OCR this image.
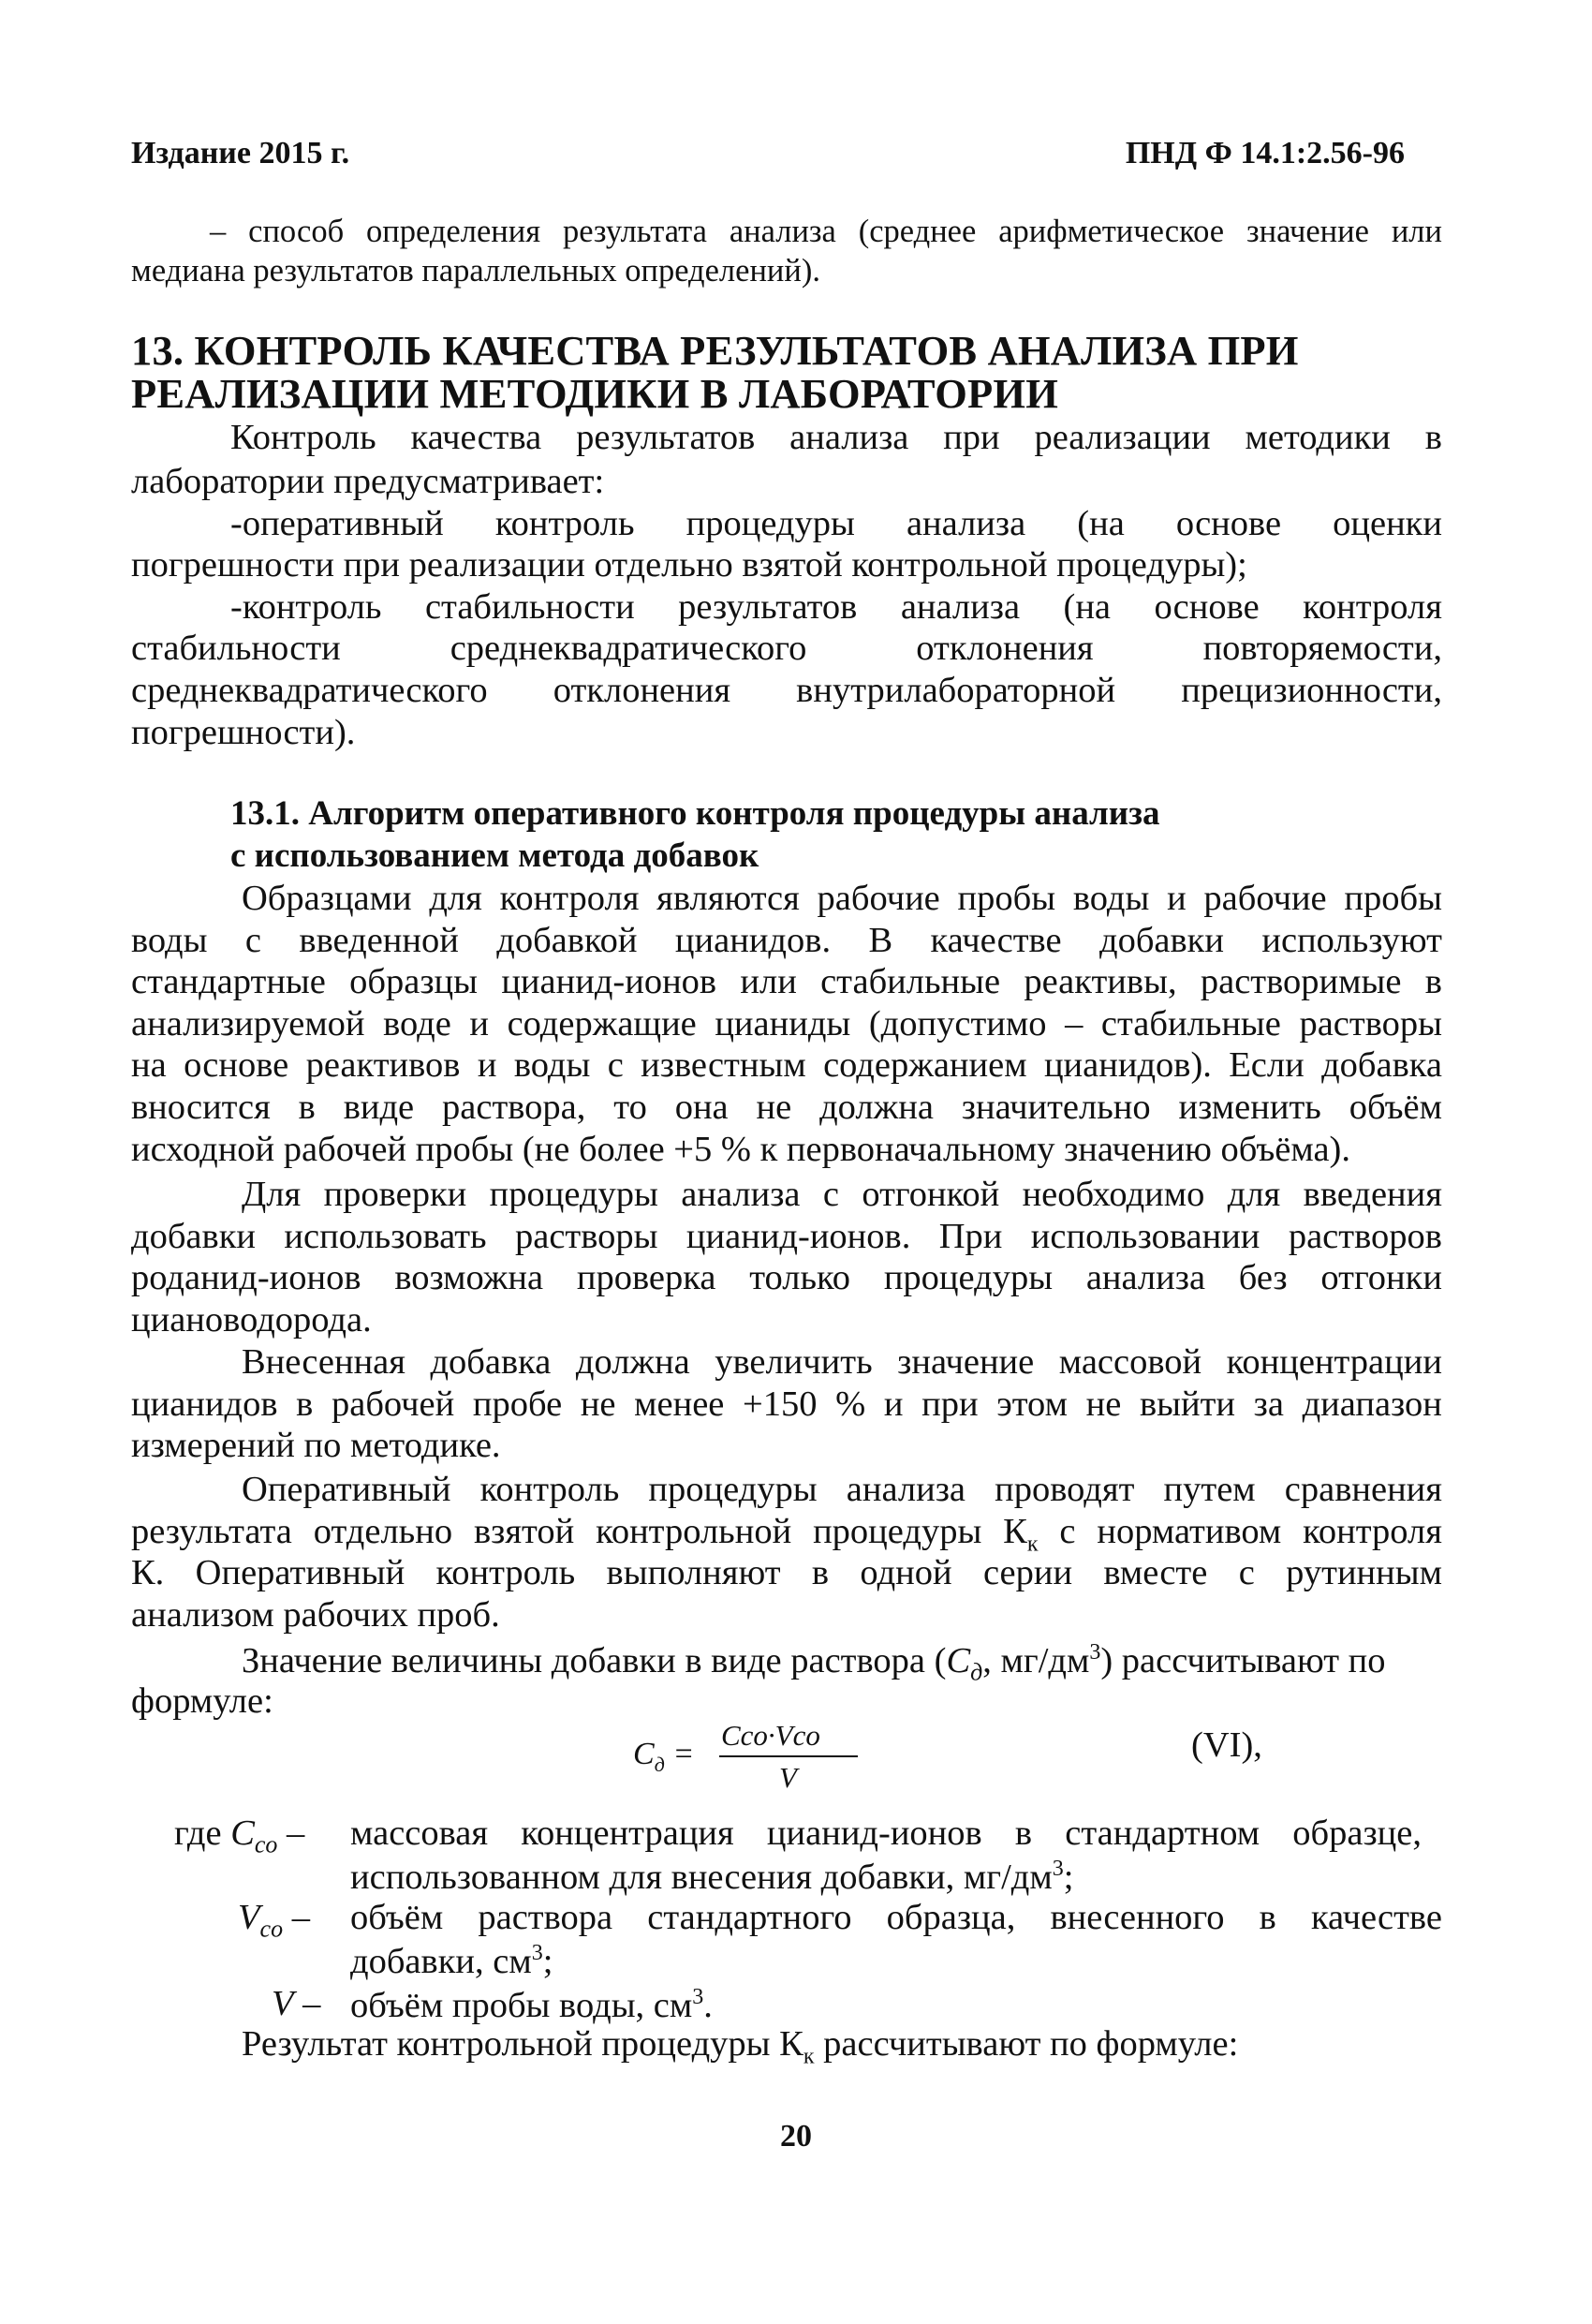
Издание 2015 г.	ПНД Ф 14.1:2.56-96
– способ определения результата анализа (среднее арифметическое значение или
медиана результатов параллельных определений).
13. КОНТРОЛЬ КАЧЕСТВА РЕЗУЛЬТАТОВ АНАЛИЗА ПРИ
РЕАЛИЗАЦИИ МЕТОДИКИ В ЛАБОРАТОРИИ
Контроль качества результатов анализа при реализации методики в
лаборатории предусматривает:
-оперативный контроль процедуры анализа (на основе оценки
погрешности при реализации отдельно взятой контрольной процедуры);
-контроль стабильности результатов анализа (на основе контроля
стабильности	среднеквадратического	отклонения	повторяемости,
среднеквадратического отклонения внутрилабораторной прецизионности,
погрешности).
13.1. Алгоритм оперативного контроля процедуры анализа
с использованием метода добавок
Образцами для контроля являются рабочие пробы воды и рабочие пробы
воды с введенной добавкой цианидов. В качестве добавки используют
стандартные образцы цианид-ионов или стабильные реактивы, растворимые в
анализируемой воде и содержащие цианиды (допустимо – стабильные растворы
на основе реактивов и воды с известным содержанием цианидов). Если добавка
вносится в виде раствора, то она не должна значительно изменить объём
исходной рабочей пробы (не более +5 % к первоначальному значению объёма).
Для проверки процедуры анализа с отгонкой необходимо для введения
добавки использовать растворы цианид-ионов. При использовании растворов
роданид-ионов возможна проверка только процедуры анализа без отгонки
циановодорода.
Внесенная добавка должна увеличить значение массовой концентрации
цианидов в рабочей пробе не менее +150 % и при этом не выйти за диапазон
измерений по методике.
Оперативный контроль процедуры анализа проводят путем сравнения
результата отдельно взятой контрольной процедуры $К_к$ с нормативом контроля
К. Оперативный контроль выполняют в одной серии вместе с рутинным
анализом рабочих проб.
Значение величины добавки в виде раствора ($C_д$, $мг/дм^3$) рассчитывают по
формуле:
$C_д$ =
Cco·Vco
V
(VI),
где $C_{co}$ – массовая концентрация цианид-ионов в стандартном образце,
использованном для внесения добавки, $мг/дм^3$;
$V_{co}$ – объём раствора стандартного образца, внесенного в качестве
добавки, $см^3$;
V – объём пробы воды, $см^3$.
Результат контрольной процедуры $К_к$ рассчитывают по формуле:
20
